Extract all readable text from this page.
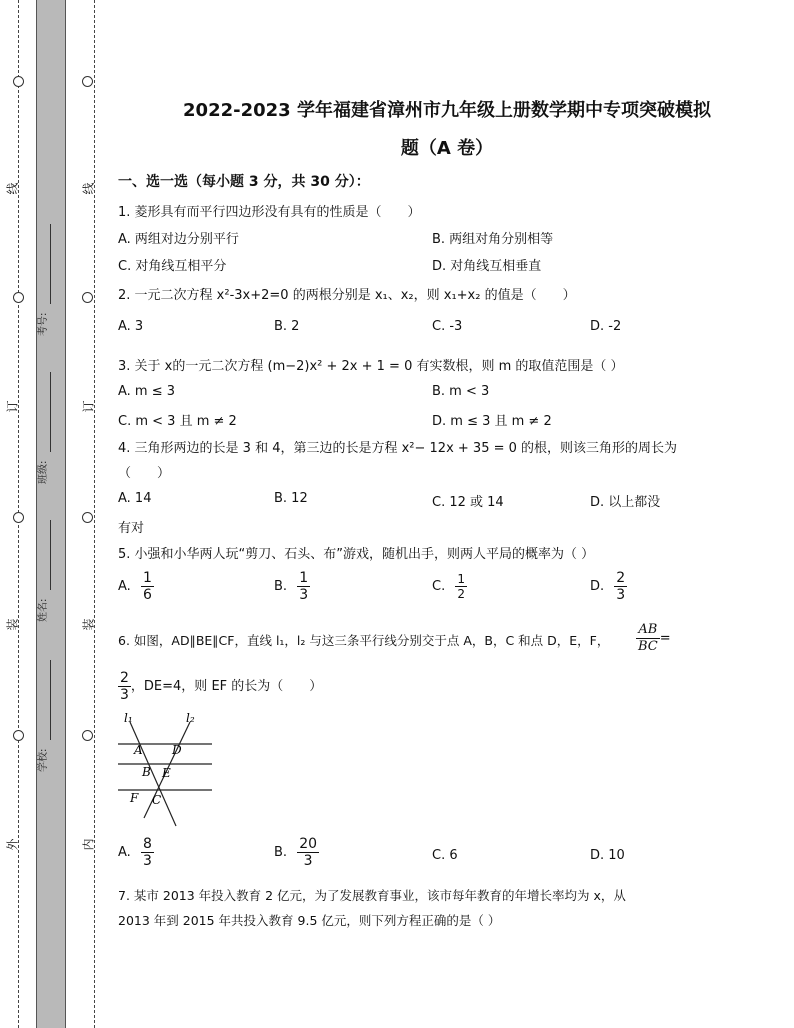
线
订
装
外
线
订
装
内
考号:
班级:
姓名:
学校:
2022-2023 学年福建省漳州市九年级上册数学期中专项突破模拟
题（A 卷）
一、选一选（每小题 3 分，共 30 分）：
1. 菱形具有而平行四边形没有具有的性质是（　　）
A. 两组对边分别平行	B. 两组对角分别相等
C. 对角线互相平分	D. 对角线互相垂直
2. 一元二次方程 x²-3x+2=0 的两根分别是 x₁、x₂，则 x₁+x₂ 的值是（　　）
A. 3	B. 2	C. -3	D. -2
3. 关于 x的一元二次方程 (m−2)x² + 2x + 1 = 0 有实数根，则 m 的取值范围是（ ）
A. m ≤ 3	B. m < 3
C. m < 3 且 m ≠ 2	D. m ≤ 3 且 m ≠ 2
4. 三角形两边的长是 3 和 4，第三边的长是方程 x²− 12x + 35 = 0 的根，则该三角形的周长为
（　　）
A. 14	B. 12	C. 12 或 14	D. 以上都没
有对
5. 小强和小华两人玩“剪刀、石头、布”游戏，随机出手，则两人平局的概率为（ ）
A. $\frac{1}{6}$	B. $\frac{1}{3}$	C. $\frac{1}{2}$	D. $\frac{2}{3}$
6. 如图，AD∥BE∥CF，直线 l₁，l₂ 与这三条平行线分别交于点 A，B，C 和点 D，E，F， $\frac{AB}{BC}$ =
$\frac{2}{3}$ ，DE=4，则 EF 的长为（　　）
l₁	l₂
A D
B E
F C
A. $\frac{8}{3}$	B. $\frac{20}{3}$	C. 6	D. 10
7. 某市 2013 年投入教育 2 亿元，为了发展教育事业，该市每年教育的年增长率均为 x，从
2013 年到 2015 年共投入教育 9.5 亿元，则下列方程正确的是（ ）
